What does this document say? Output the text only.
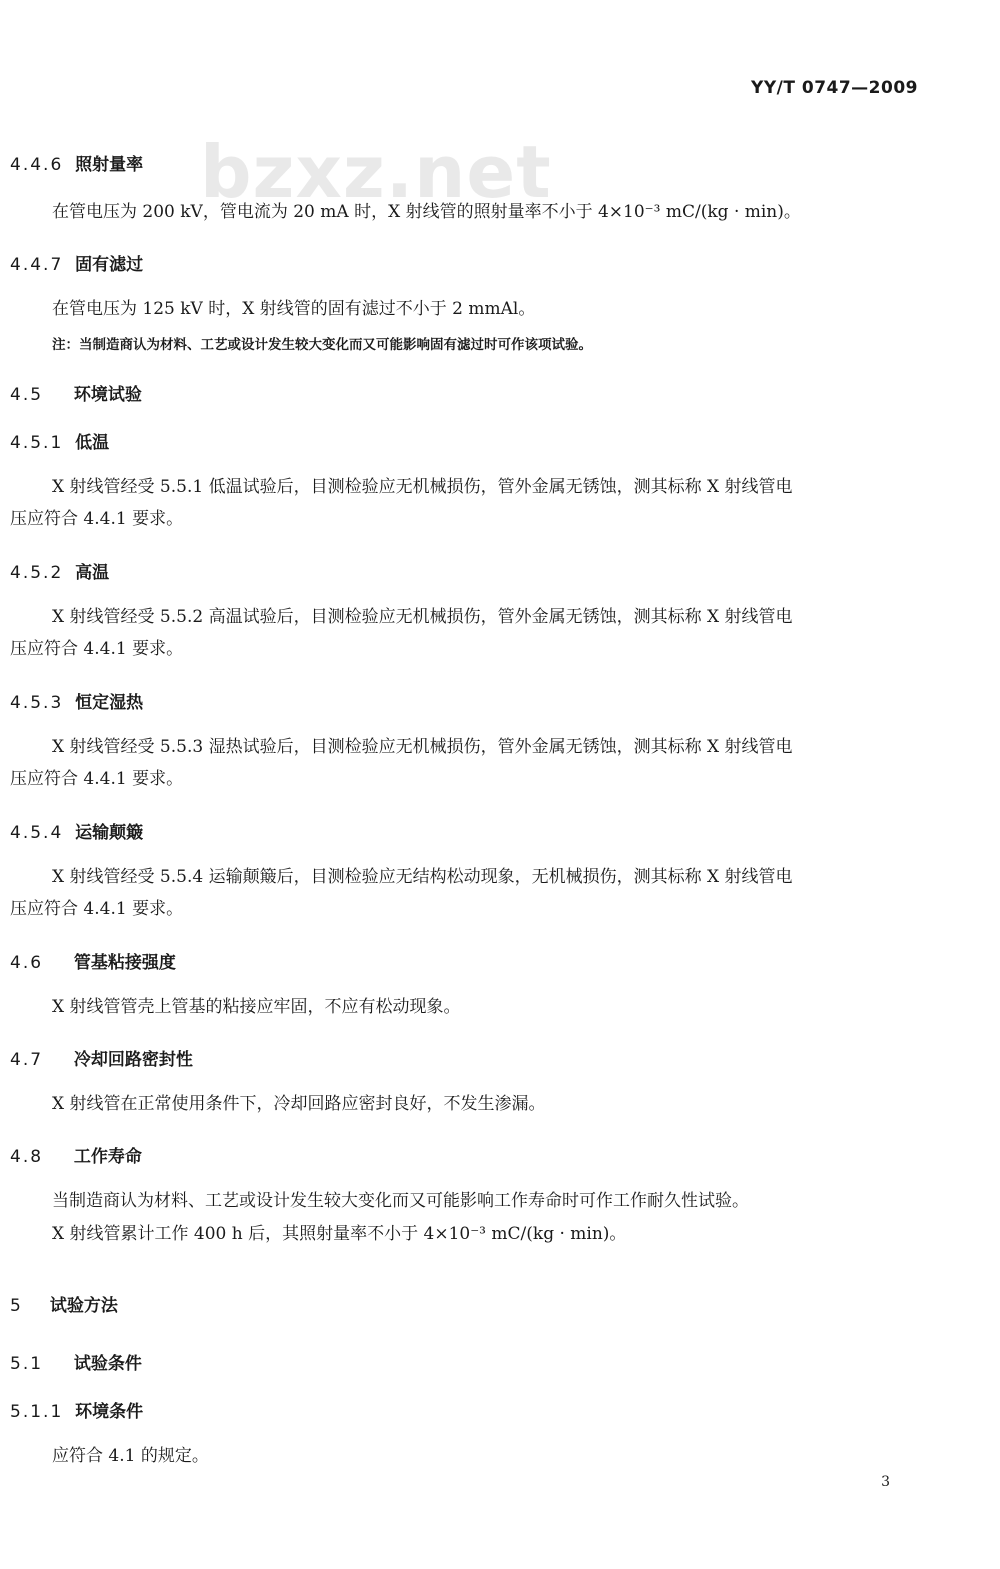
bzxz.net
YY/T 0747—2009
4.4.6 照射量率
在管电压为 200 kV，管电流为 20 mA 时，X 射线管的照射量率不小于 4×10⁻³ mC/(kg · min)。
4.4.7 固有滤过
在管电压为 125 kV 时，X 射线管的固有滤过不小于 2 mmAl。
注：当制造商认为材料、工艺或设计发生较大变化而又可能影响固有滤过时可作该项试验。
4.5 环境试验
4.5.1 低温
X 射线管经受 5.5.1 低温试验后，目测检验应无机械损伤，管外金属无锈蚀，测其标称 X 射线管电
压应符合 4.4.1 要求。
4.5.2 高温
X 射线管经受 5.5.2 高温试验后，目测检验应无机械损伤，管外金属无锈蚀，测其标称 X 射线管电
压应符合 4.4.1 要求。
4.5.3 恒定湿热
X 射线管经受 5.5.3 湿热试验后，目测检验应无机械损伤，管外金属无锈蚀，测其标称 X 射线管电
压应符合 4.4.1 要求。
4.5.4 运输颠簸
X 射线管经受 5.5.4 运输颠簸后，目测检验应无结构松动现象，无机械损伤，测其标称 X 射线管电
压应符合 4.4.1 要求。
4.6 管基粘接强度
X 射线管管壳上管基的粘接应牢固，不应有松动现象。
4.7 冷却回路密封性
X 射线管在正常使用条件下，冷却回路应密封良好，不发生渗漏。
4.8 工作寿命
当制造商认为材料、工艺或设计发生较大变化而又可能影响工作寿命时可作工作耐久性试验。
X 射线管累计工作 400 h 后，其照射量率不小于 4×10⁻³ mC/(kg · min)。
5 试验方法
5.1 试验条件
5.1.1 环境条件
应符合 4.1 的规定。
3
